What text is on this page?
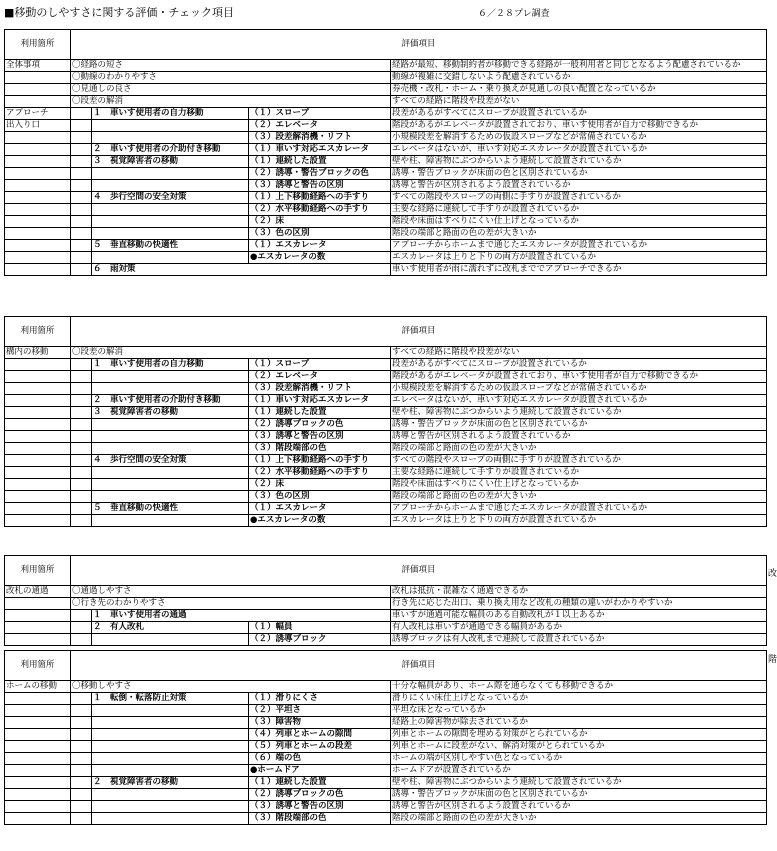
■移動のしやすさに関する評価・チェック項目	６／２８プレ調査
改
階
利用箇所	評価項目			
全体事項	〇経路の短さ			経路が最短、移動制約者が移動できる経路が一般利用者と同じとなるよう配慮されているか
	〇動線のわかりやすさ			動線が複雑に交錯しないよう配慮されているか
	〇見通しの良さ			券売機・改札・ホーム・乗り換えが見通しの良い配置となっているか
	〇段差の解消			すべての経路に階段や段差がない
アプローチ		１　車いす使用者の自力移動	（１）スロープ	段差があるがすべてにスロープが設置されているか
出入り口			（２）エレベータ	階段があるがエレベータが設置されており、車いす使用者が自力で移動できるか
			（３）段差解消機・リフト	小規模段差を解消するための仮設スロープなどが常備されているか
		２　車いす使用者の介助付き移動	（１）車いす対応エスカレータ	エレベータはないが、車いす対応エスカレータが設置されているか
		３　視覚障害者の移動	（１）連続した設置	壁や柱、障害物にぶつからいよう連続して設置されているか
			（２）誘導・警告ブロックの色	誘導・警告ブロックが床面の色と区別されているか
			（３）誘導と警告の区別	誘導と警告が区別されるよう設置されているか
		４　歩行空間の安全対策	（１）上下移動経路への手すり	すべての階段やスロープの両側に手すりが設置されているか
			（２）水平移動経路への手すり	主要な経路に連続して手すりが設置されているか
			（２）床	階段や床面はすべりにくい仕上げとなっているか
			（３）色の区別	階段の端部と路面の色の差が大きいか
		５　垂直移動の快適性	（１）エスカレータ	アプローチからホームまで通じたエスカレータが設置されているか
			●エスカレータの数	エスカレータは上りと下りの両方が設置されているか
		６　雨対策		車いす使用者が雨に濡れずに改札まででアプローチできるか
利用箇所	評価項目			
構内の移動	〇段差の解消			すべての経路に階段や段差がない
		１　車いす使用者の自力移動	（１）スロープ	段差があるがすべてにスロープが設置されているか
			（２）エレベータ	階段があるがエレベータが設置されており、車いす使用者が自力で移動できるか
			（３）段差解消機・リフト	小規模段差を解消するための仮設スロープなどが常備されているか
		２　車いす使用者の介助付き移動	（１）車いす対応エスカレータ	エレベータはないが、車いす対応エスカレータが設置されているか
		３　視覚障害者の移動	（１）連続した設置	壁や柱、障害物にぶつからいよう連続して設置されているか
			（２）誘導ブロックの色	誘導・警告ブロックが床面の色と区別されているか
			（３）誘導と警告の区別	誘導と警告が区別されるよう設置されているか
			（３）階段端部の色	階段の端部と路面の色の差が大きいか
		４　歩行空間の安全対策	（１）上下移動経路への手すり	すべての階段やスロープの両側に手すりが設置されているか
			（２）水平移動経路への手すり	主要な経路に連続して手すりが設置されているか
			（２）床	階段や床面はすべりにくい仕上げとなっているか
			（３）色の区別	階段の端部と路面の色の差が大きいか
		５　垂直移動の快適性	（１）エスカレータ	アプローチからホームまで通じたエスカレータが設置されているか
			●エスカレータの数	エスカレータは上りと下りの両方が設置されているか
利用箇所	評価項目			
改札の通過	〇通過しやすさ			改札は抵抗・混雑なく通過できるか
	〇行き先のわかりやすさ			行き先に応じた出口、乗り換え用など改札の種類の違いがわかりやすいか
		１　車いす使用者の通過		車いすが通過可能な幅員のある自動改札が１以上あるか
		２　有人改札	（１）幅員	有人改札は車いすが通過できる幅員があるか
			（２）誘導ブロック	誘導ブロックは有人改札まで連続して設置されているか
利用箇所	評価項目			
ホームの移動	〇移動しやすさ			十分な幅員があり、ホーム際を通らなくても移動できるか
		１　転倒・転落防止対策	（１）滑りにくさ	滑りにくい床仕上げとなっているか
			（２）平坦さ	平坦な床となっているか
			（３）障害物	経路上の障害物が除去されているか
			（４）列車とホームの隙間	列車とホームの隙間を埋める対策がとられているか
			（５）列車とホームの段差	列車とホームに段差がない、解消対策がとられているか
			（６）端の色	ホームの端が区別しやすい色となっているか
			●ホームドア	ホームドアが設置されているか
		２　視覚障害者の移動	（１）連続した設置	壁や柱、障害物にぶつからいよう連続して設置されているか
			（２）誘導ブロックの色	誘導・警告ブロックが床面の色と区別されているか
			（３）誘導と警告の区別	誘導と警告が区別されるよう設置されているか
			（３）階段端部の色	階段の端部と路面の色の差が大きいか
